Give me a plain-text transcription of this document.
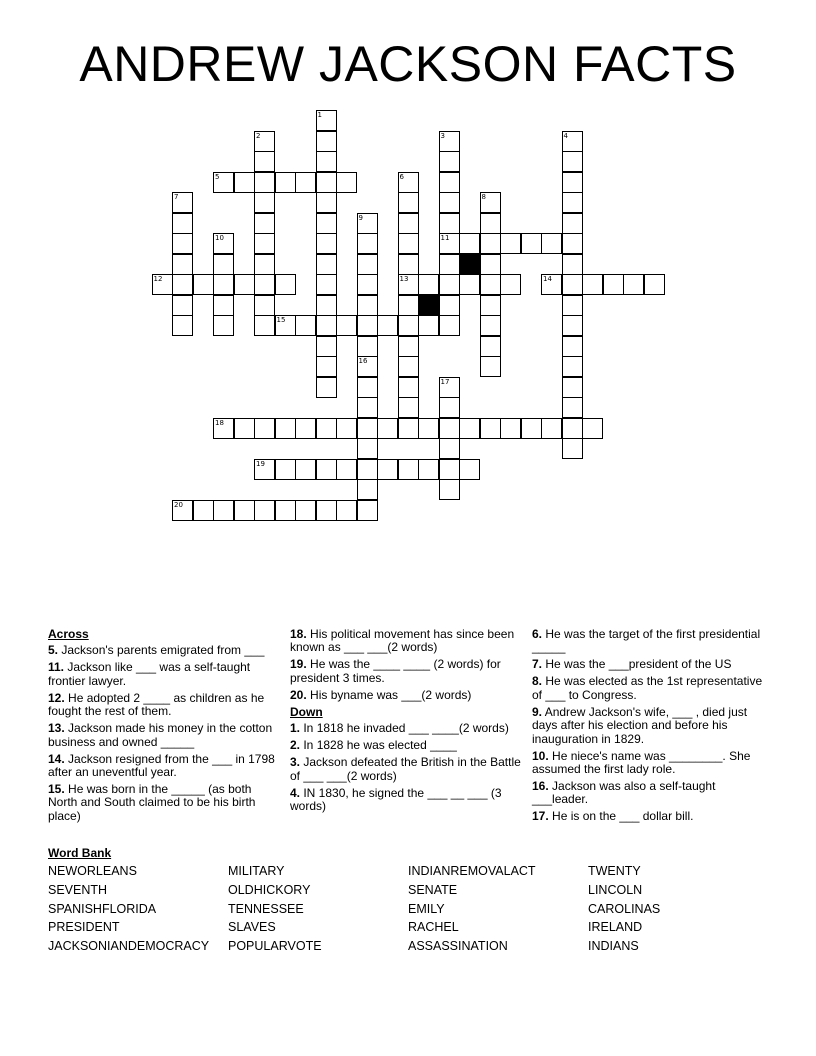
ANDREW JACKSON FACTS
1
2	3
11
4
5	6
13
7	8
9
10
12	14
15
16
17
18
19
20
Across
5. Jackson's parents emigrated from ___
11. Jackson like ___ was a self-taught frontier lawyer.
12. He adopted 2 ____ as children as he fought the rest of them.
13. Jackson made his money in the cotton business and owned _____
14. Jackson resigned from the ___ in 1798 after an uneventful year.
15. He was born in the _____ (as both North and South claimed to be his birth place)
18. His political movement has since been known as ___ ___(2 words)
19. He was the ____ ____ (2 words) for president 3 times.
20. His byname was ___(2 words)
Down
1. In 1818 he invaded ___ ____(2 words)
2. In 1828 he was elected ____
3. Jackson defeated the British in the Battle of ___ ___(2 words)
4. IN 1830, he signed the ___ __ ___ (3 words)
6. He was the target of the first presidential _____
7. He was the ___president of the US
8. He was elected as the 1st representative of ___ to Congress.
9. Andrew Jackson's wife, ___ , died just days after his election and before his inauguration in 1829.
10. He niece's name was ________. She assumed the first lady role.
16. Jackson was also a self-taught ___leader.
17. He is on the ___ dollar bill.
Word Bank
NEWORLEANS	MILITARY	INDIANREMOVALACT	TWENTY
SEVENTH	OLDHICKORY	SENATE	LINCOLN
SPANISHFLORIDA	TENNESSEE	EMILY	CAROLINAS
PRESIDENT	SLAVES	RACHEL	IRELAND
JACKSONIANDEMOCRACY	POPULARVOTE	ASSASSINATION	INDIANS
